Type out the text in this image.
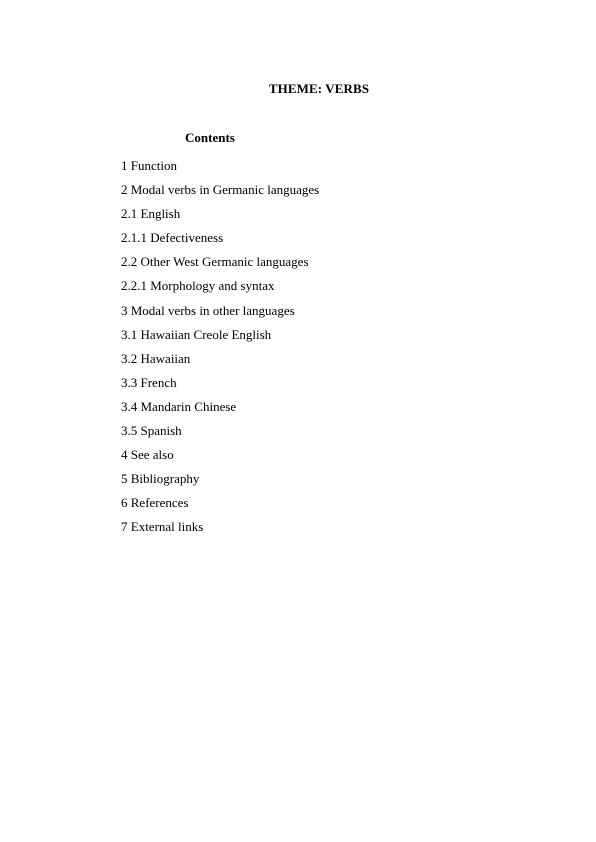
THEME: VERBS
Contents
1 Function
2 Modal verbs in Germanic languages
2.1 English
2.1.1 Defectiveness
2.2 Other West Germanic languages
2.2.1 Morphology and syntax
3 Modal verbs in other languages
3.1 Hawaiian Creole English
3.2 Hawaiian
3.3 French
3.4 Mandarin Chinese
3.5 Spanish
4 See also
5 Bibliography
6 References
7 External links
